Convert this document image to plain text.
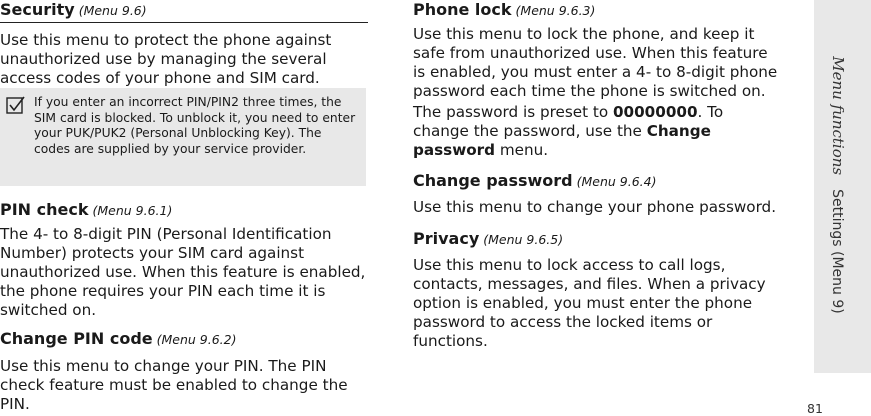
Security (Menu 9.6)

Use this menu to protect the phone against unauthorized use by managing the several access codes of your phone and SIM card.

If you enter an incorrect PIN/PIN2 three times, the SIM card is blocked. To unblock it, you need to enter your PUK/PUK2 (Personal Unblocking Key). The codes are supplied by your service provider.
PIN check (Menu 9.6.1)

The 4- to 8-digit PIN (Personal Identification Number) protects your SIM card against unauthorized use. When this feature is enabled, the phone requires your PIN each time it is switched on.

Change PIN code (Menu 9.6.2)

Use this menu to change your PIN. The PIN check feature must be enabled to change the PIN.

Phone lock (Menu 9.6.3)

Use this menu to lock the phone, and keep it safe from unauthorized use. When this feature is enabled, you must enter a 4- to 8-digit phone password each time the phone is switched on.

The password is preset to 00000000. To change the password, use the Change password menu.

Change password (Menu 9.6.4)

Use this menu to change your phone password.

Privacy (Menu 9.6.5)

Use this menu to lock access to call logs, contacts, messages, and files. When a privacy option is enabled, you must enter the phone password to access the locked items or functions.

Menu functionsSettings (Menu 9)
81
